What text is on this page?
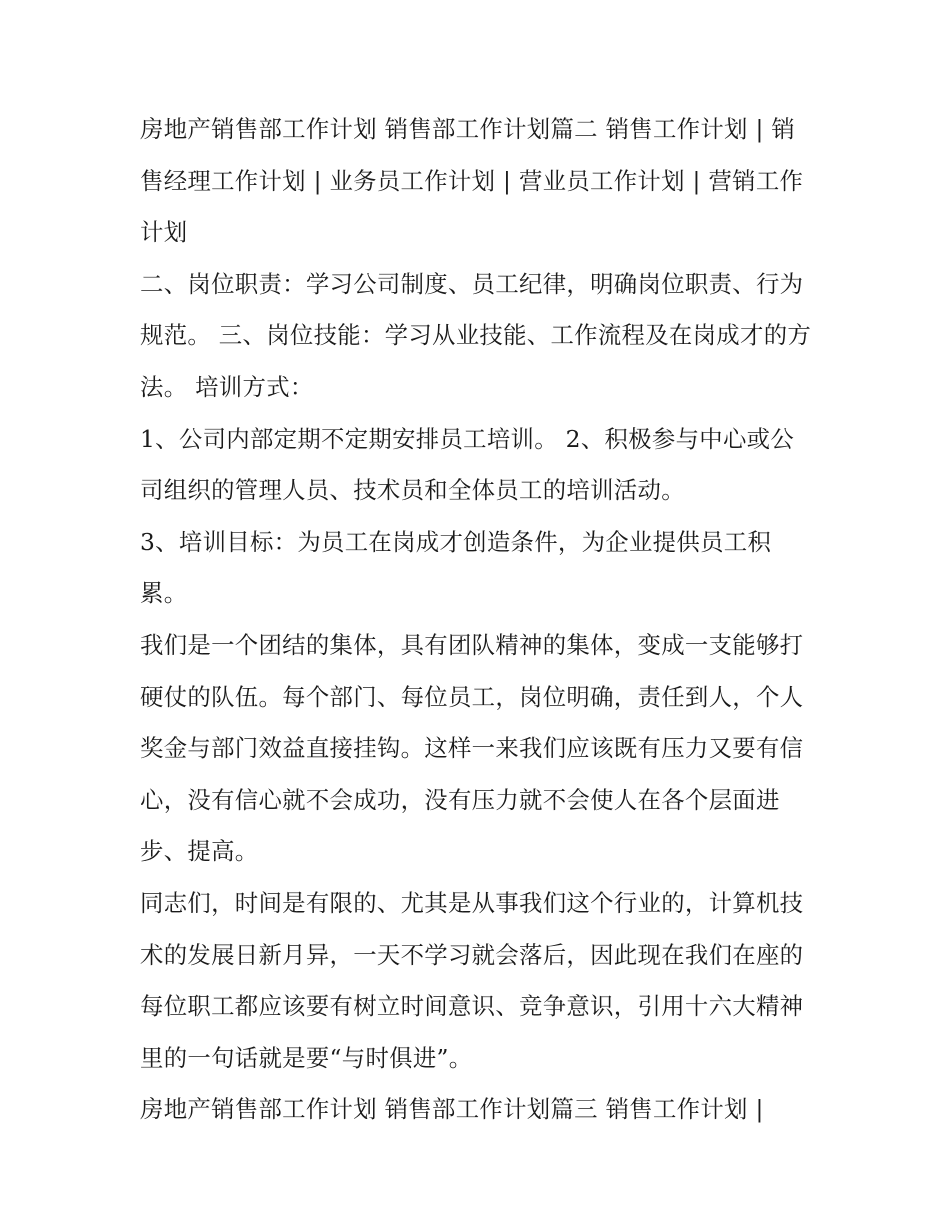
房地产销售部工作计划 销售部工作计划篇二 销售工作计划 | 销售经理工作计划 | 业务员工作计划 | 营业员工作计划 | 营销工作计划

二、岗位职责：学习公司制度、员工纪律，明确岗位职责、行为规范。 三、岗位技能：学习从业技能、工作流程及在岗成才的方法。 培训方式：

1、公司内部定期不定期安排员工培训。 2、积极参与中心或公司组织的管理人员、技术员和全体员工的培训活动。

3、培训目标：为员工在岗成才创造条件，为企业提供员工积累。

我们是一个团结的集体，具有团队精神的集体，变成一支能够打硬仗的队伍。每个部门、每位员工，岗位明确，责任到人，个人奖金与部门效益直接挂钩。这样一来我们应该既有压力又要有信心，没有信心就不会成功，没有压力就不会使人在各个层面进步、提高。

同志们，时间是有限的、尤其是从事我们这个行业的，计算机技术的发展日新月异，一天不学习就会落后，因此现在我们在座的每位职工都应该要有树立时间意识、竞争意识，引用十六大精神里的一句话就是要“与时俱进”。

房地产销售部工作计划 销售部工作计划篇三 销售工作计划 |
